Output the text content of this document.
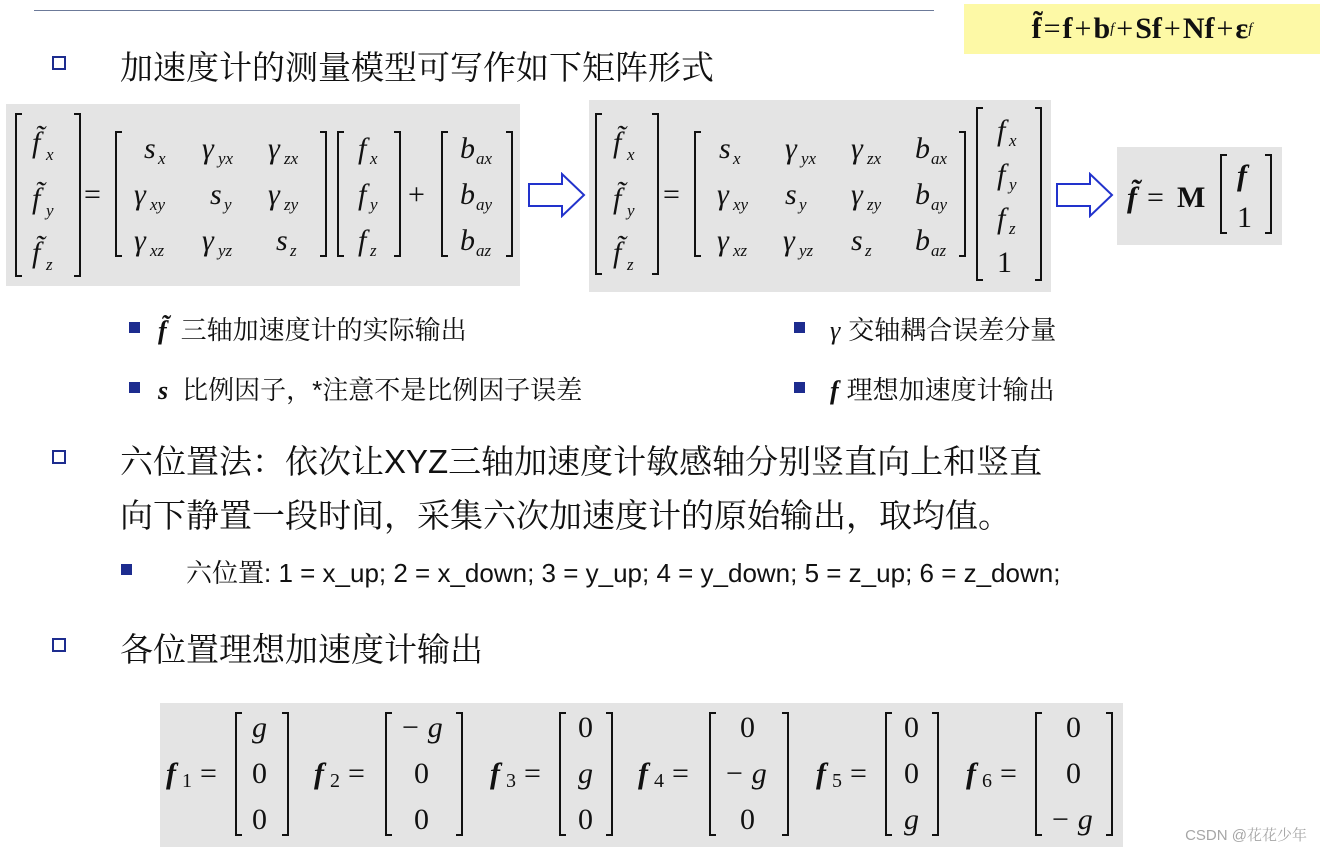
f̃ = f + b f + Sf + Nf + ε f
加速度计的测量模型可写作如下矩阵形式
f̃ x
f̃ y
f̃ z
=
s x γ yx γ zx
γ xy s y γ zy
γ xz γ yz s z
f x
f y
f z
+
b ax
b ay
b az
f̃ x
f̃ y
f̃ z
=
s x γ yx γ zx b ax
γ xy s y γ zy b ay
γ xz γ yz s z b az
f x
f y
f z
1
f̃ = M
f
1
f̃ 三轴加速度计的实际输出	γ 交轴耦合误差分量
s 比例因子，*注意不是比例因子误差	f 理想加速度计输出
六位置法：依次让XYZ三轴加速度计敏感轴分别竖直向上和竖直
向下静置一段时间，采集六次加速度计的原始输出，取均值。
六位置: 1 = x_up; 2 = x_down; 3 = y_up; 4 = y_down; 5 = z_up; 6 = z_down;
各位置理想加速度计输出
f 1 =
g
0
0
f 2 =
− g
0
0
f 3 =
0
g
0
f 4 =
0
− g
0
f 5 =
0
0
g
f 6 =
0
0
− g	CSDN @花花少年
